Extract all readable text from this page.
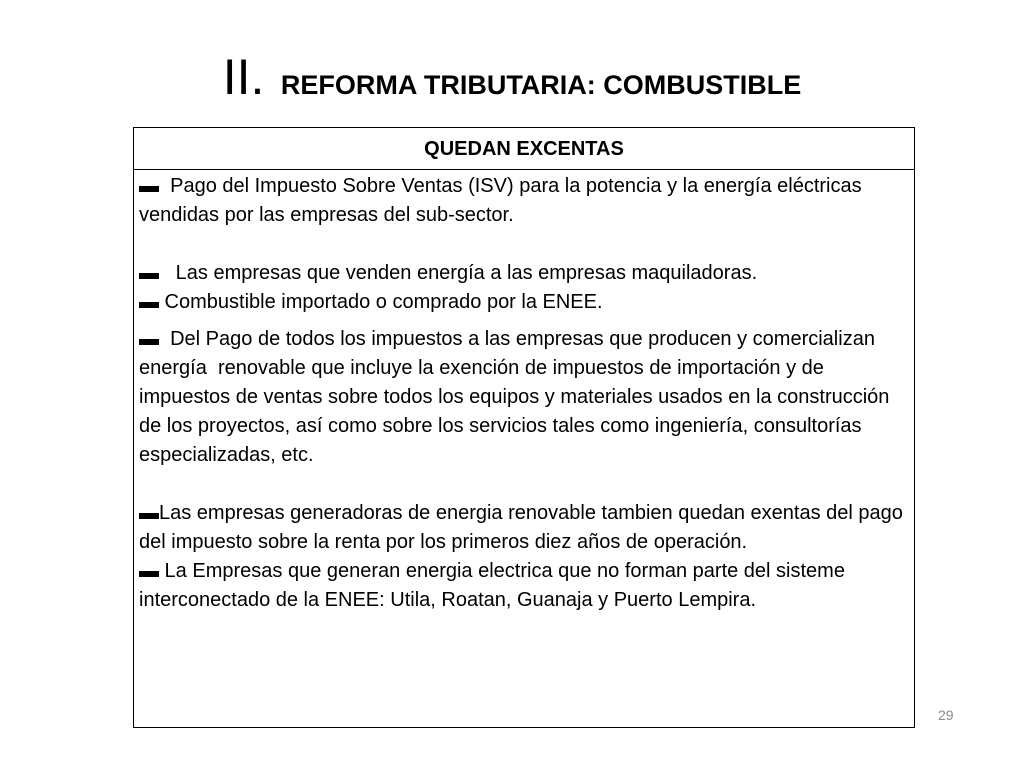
II. REFORMA TRIBUTARIA: COMBUSTIBLE
QUEDAN EXCENTAS

▬  Pago del Impuesto Sobre Ventas (ISV) para la potencia y la energía eléctricas vendidas por las empresas del sub-sector.

▬   Las empresas que venden energía a las empresas maquiladoras.

▬ Combustible importado o comprado por la ENEE.

▬  Del Pago de todos los impuestos a las empresas que producen y comercializan  energía  renovable que incluye la exención de impuestos de importación y de impuestos de ventas sobre todos los equipos y materiales usados en la construcción de los proyectos, así como sobre los servicios tales como ingeniería, consultorías especializadas, etc.

▬Las empresas generadoras de energia renovable tambien quedan exentas del pago del impuesto sobre la renta por los primeros diez años de operación.

▬ La Empresas que generan energia electrica que no forman parte del sisteme interconectado de la ENEE: Utila, Roatan, Guanaja y Puerto Lempira.

29
